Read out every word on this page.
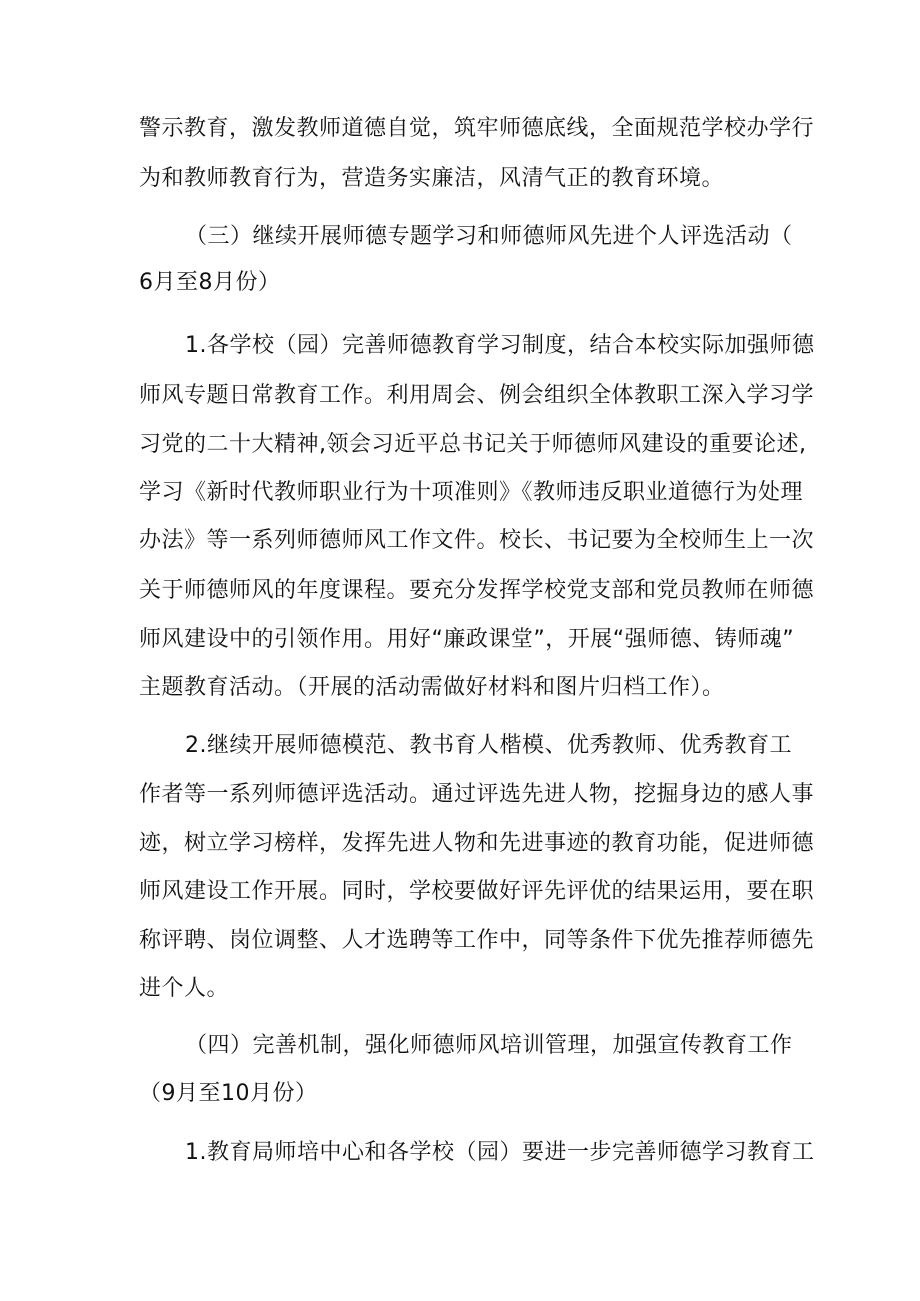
警示教育，激发教师道德自觉，筑牢师德底线，全面规范学校办学行
为和教师教育行为，营造务实廉洁，风清气正的教育环境。
（三）继续开展师德专题学习和师德师风先进个人评选活动（
6月至8月份）
1.各学校（园）完善师德教育学习制度，结合本校实际加强师德
师风专题日常教育工作。利用周会、例会组织全体教职工深入学习学
习党的二十大精神,领会习近平总书记关于师德师风建设的重要论述,
学习《新时代教师职业行为十项准则》《教师违反职业道德行为处理
办法》等一系列师德师风工作文件。校长、书记要为全校师生上一次
关于师德师风的年度课程。要充分发挥学校党支部和党员教师在师德
师风建设中的引领作用。用好“廉政课堂”，开展“强师德、铸师魂”
主题教育活动。（开展的活动需做好材料和图片归档工作）。
2.继续开展师德模范、教书育人楷模、优秀教师、优秀教育工
作者等一系列师德评选活动。通过评选先进人物，挖掘身边的感人事
迹，树立学习榜样，发挥先进人物和先进事迹的教育功能，促进师德
师风建设工作开展。同时，学校要做好评先评优的结果运用，要在职
称评聘、岗位调整、人才选聘等工作中，同等条件下优先推荐师德先
进个人。
（四）完善机制，强化师德师风培训管理，加强宣传教育工作
（9月至10月份）
1.教育局师培中心和各学校（园）要进一步完善师德学习教育工
